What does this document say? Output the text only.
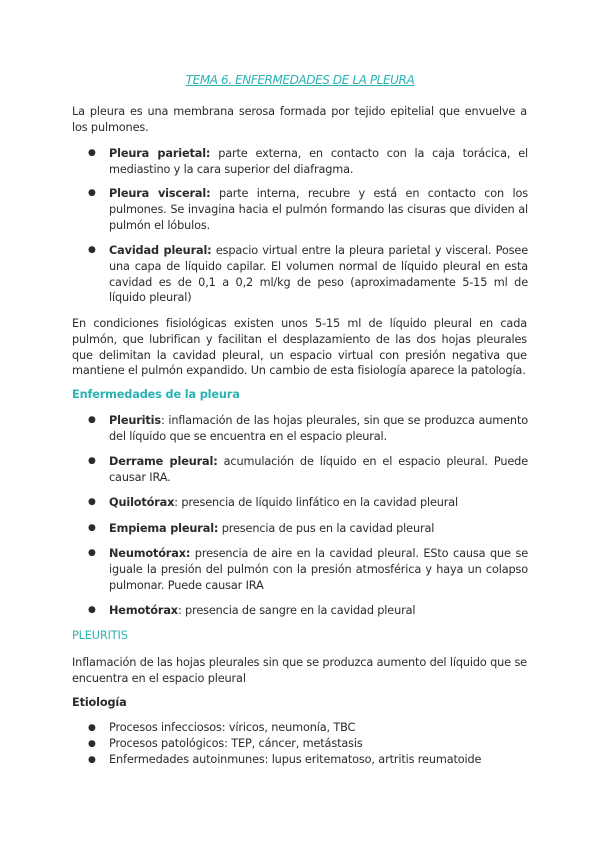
TEMA 6. ENFERMEDADES DE LA PLEURA

La pleura es una membrana serosa formada por tejido epitelial que envuelve a los pulmones.

● Pleura parietal: parte externa, en contacto con la caja torácica, el mediastino y la cara superior del diafragma.
● Pleura visceral: parte interna, recubre y está en contacto con los pulmones. Se invagina hacia el pulmón formando las cisuras que dividen al pulmón el lóbulos.
● Cavidad pleural: espacio virtual entre la pleura parietal y visceral. Posee una capa de líquido capilar. El volumen normal de líquido pleural en esta cavidad es de 0,1 a 0,2 ml/kg de peso (aproximadamente 5-15 ml de líquido pleural)

En condiciones fisiológicas existen unos 5-15 ml de líquido pleural en cada pulmón, que lubrifican y facilitan el desplazamiento de las dos hojas pleurales que delimitan la cavidad pleural, un espacio virtual con presión negativa que mantiene el pulmón expandido. Un cambio de esta fisiología aparece la patología.

Enfermedades de la pleura
● Pleuritis: inflamación de las hojas pleurales, sin que se produzca aumento del líquido que se encuentra en el espacio pleural.
● Derrame pleural: acumulación de líquido en el espacio pleural. Puede causar IRA.
● Quilotórax: presencia de líquido linfático en la cavidad pleural
● Empiema pleural: presencia de pus en la cavidad pleural
● Neumotórax: presencia de aire en la cavidad pleural. ESto causa que se iguale la presión del pulmón con la presión atmosférica y haya un colapso pulmonar. Puede causar IRA
● Hemotórax: presencia de sangre en la cavidad pleural
PLEURITIS

Inflamación de las hojas pleurales sin que se produzca aumento del líquido que se encuentra en el espacio pleural

Etiología
● Procesos infecciosos: víricos, neumonía, TBC
● Procesos patológicos: TEP, cáncer, metástasis
● Enfermedades autoinmunes: lupus eritematoso, artritis reumatoide
